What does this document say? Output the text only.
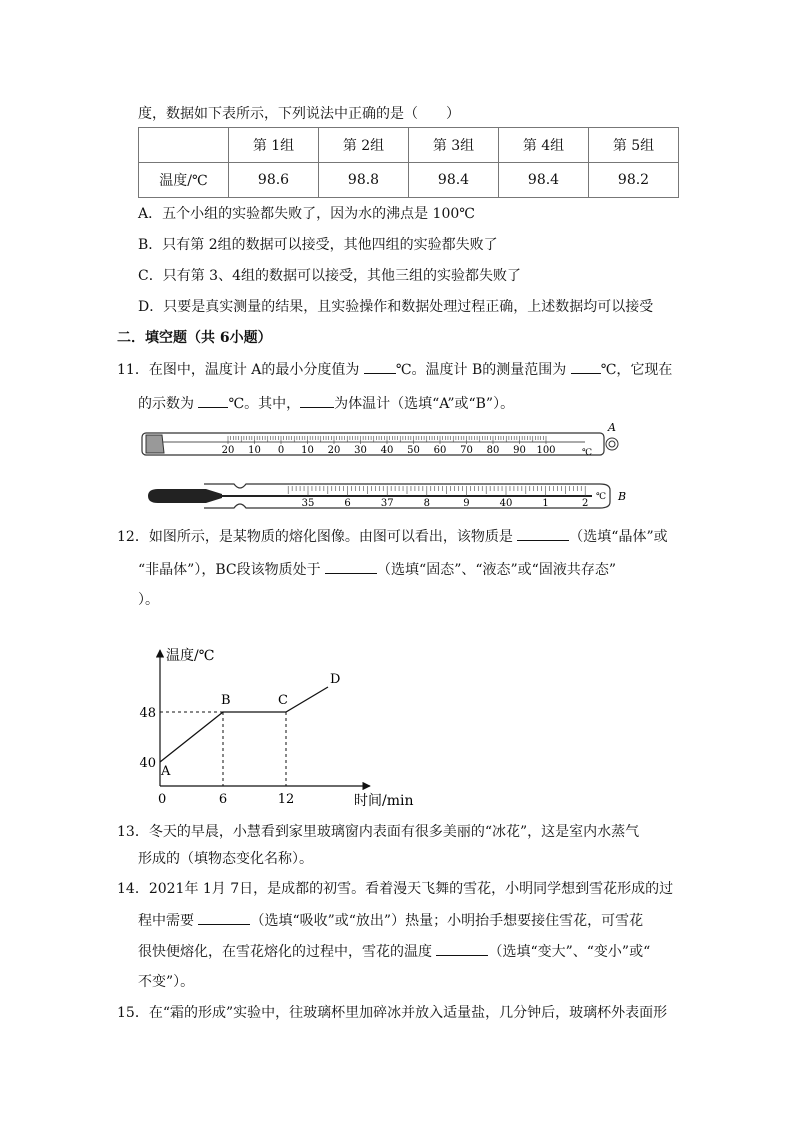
度，数据如下表所示，下列说法中正确的是（　　）
	第 1组	第 2组	第 3组	第 4组	第 5组
温度/℃	98.6	98.8	98.4	98.4	98.2
A．五个小组的实验都失败了，因为水的沸点是 100℃
B．只有第 2组的数据可以接受，其他四组的实验都失败了
C．只有第 3、4组的数据可以接受，其他三组的实验都失败了
D．只要是真实测量的结果，且实验操作和数据处理过程正确，上述数据均可以接受
二．填空题（共 6小题）
11．在图中，温度计 A的最小分度值为	℃。温度计 B的测量范围为 ℃，它现在
的示数为 ℃。其中， 为体温计（选填“A”或“B”）。
20 10 0 10 20 30 40 50 60 70 80 90 100	℃
A
35	6	37	8	9	40	1	2
℃ B
12．如图所示，是某物质的熔化图像。由图可以看出，该物质是	（选填“晶体”或
“非晶体”），BC段该物质处于	（选填“固态”、“液态”或“固液共存态”
）。
温度/℃
时间/min
0
48
40
6	12
A
B	C
D
13．冬天的早晨，小慧看到家里玻璃窗内表面有很多美丽的“冰花”，这是室内水蒸气
形成的（填物态变化名称）。
14．2021年 1月 7日，是成都的初雪。看着漫天飞舞的雪花，小明同学想到雪花形成的过
程中需要	（选填“吸收”或“放出”）热量；小明抬手想要接住雪花，可雪花
很快便熔化，在雪花熔化的过程中，雪花的温度	（选填“变大”、“变小”或“
不变”）。
15．在“霜的形成”实验中，往玻璃杯里加碎冰并放入适量盐，几分钟后，玻璃杯外表面形
